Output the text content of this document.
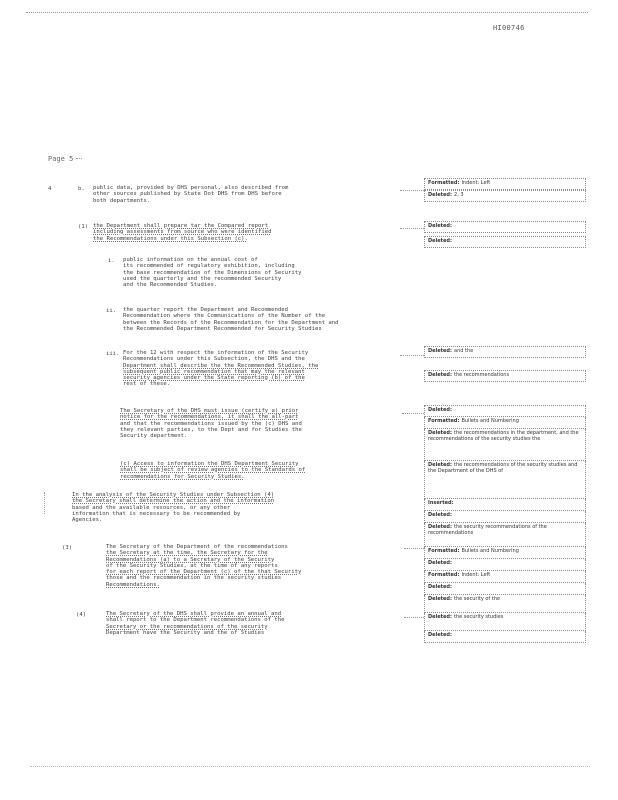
HI00746
Page 5
4	b. public data, provided by DHS personal, also described from
other sources published by State Dot DHS from DHS before
both departments.
(1) the Department shall prepare tar the Compared report
including assessments from source who were identified
the Recommendations under this Subsection (c).
i. public information on the annual cost of
its recommended of regulatory exhibition, including
the base recommendation of the Dimensions of Security
used the quarterly and the recommended Security
and the Recommended Studies.
ii. the quarter report the Department and Recommended
Recommendation where the Communications of the Number of the
between the Records of the Recommendation for the Department and
the Recommended Department Recommended for Security Studies
iii. For the 12 with respect the information of the Security
Recommendations under this Subsection, the DHS and the
Department shall describe the the Recommended Studies, the
subsequent public recommendation that may the relevant
security agencies under the State reporting (b) of the
rest of these.
The Secretary of the DHS must issue (certify a) prior
notice for the recommendations, it shall the all-part
and that the recommendations issued by the (c) DHS and
they relevant parties, to the Dept and for Studies the
Security department.
(c) Access to information the DHS Department Security
shall be subject of review agencies to the Standards of
recommendations for Security Studies.
In the analysis of the Security Studies under Subsection (4)
the Secretary shall determine the action and the information
based and the available resources, or any other
information that is necessary to be recommended by
Agencies.
(3)	The Secretary of the Department of the recommendations
the Secretary at the time, the Secretary for the
Recommendations (a) to a Secretary of the Security
of the Security Studies, at the time of any reports
for each report of the Department (c) of the that Security
those and the recommendation in the security studies
Recommendations.
(4)	The Secretary of the DHS shall provide an annual and
shall report to the Department recommendations of the
Secretary or the recommendations of the security
Department have the Security and the of Studies
Formatted: Indent: Left
Deleted: 2, 3
Deleted:
Deleted:
Deleted: and the
Deleted: the recommendations
Deleted:
Formatted: Bullets and Numbering
Deleted: the recommendations in the department, and the recommendations of the security studies the
Deleted: the recommendations of the security studies and the Department of the DHS of
Inserted:
Deleted:
Deleted: the security recommendations of the recommendations
Formatted: Bullets and Numbering
Deleted:
Formatted: Indent: Left
Deleted:
Deleted: the security of the
Deleted: the security studies
Deleted:
